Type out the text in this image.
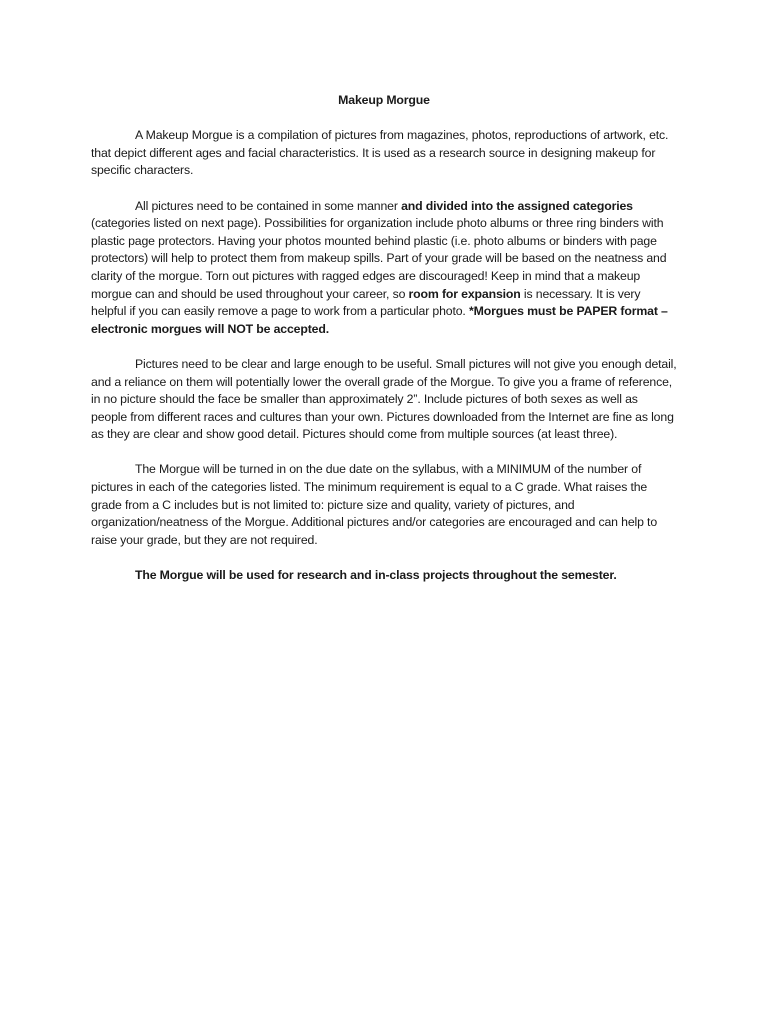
Makeup Morgue

A Makeup Morgue is a compilation of pictures from magazines, photos, reproductions of artwork, etc. that depict different ages and facial characteristics. It is used as a research source in designing makeup for specific characters.

All pictures need to be contained in some manner and divided into the assigned categories (categories listed on next page). Possibilities for organization include photo albums or three ring binders with plastic page protectors. Having your photos mounted behind plastic (i.e. photo albums or binders with page protectors) will help to protect them from makeup spills. Part of your grade will be based on the neatness and clarity of the morgue. Torn out pictures with ragged edges are discouraged! Keep in mind that a makeup morgue can and should be used throughout your career, so room for expansion is necessary. It is very helpful if you can easily remove a page to work from a particular photo. *Morgues must be PAPER format – electronic morgues will NOT be accepted.

Pictures need to be clear and large enough to be useful. Small pictures will not give you enough detail, and a reliance on them will potentially lower the overall grade of the Morgue. To give you a frame of reference, in no picture should the face be smaller than approximately 2”. Include pictures of both sexes as well as people from different races and cultures than your own. Pictures downloaded from the Internet are fine as long as they are clear and show good detail. Pictures should come from multiple sources (at least three).

The Morgue will be turned in on the due date on the syllabus, with a MINIMUM of the number of pictures in each of the categories listed. The minimum requirement is equal to a C grade. What raises the grade from a C includes but is not limited to: picture size and quality, variety of pictures, and organization/neatness of the Morgue. Additional pictures and/or categories are encouraged and can help to raise your grade, but they are not required.

The Morgue will be used for research and in-class projects throughout the semester.
